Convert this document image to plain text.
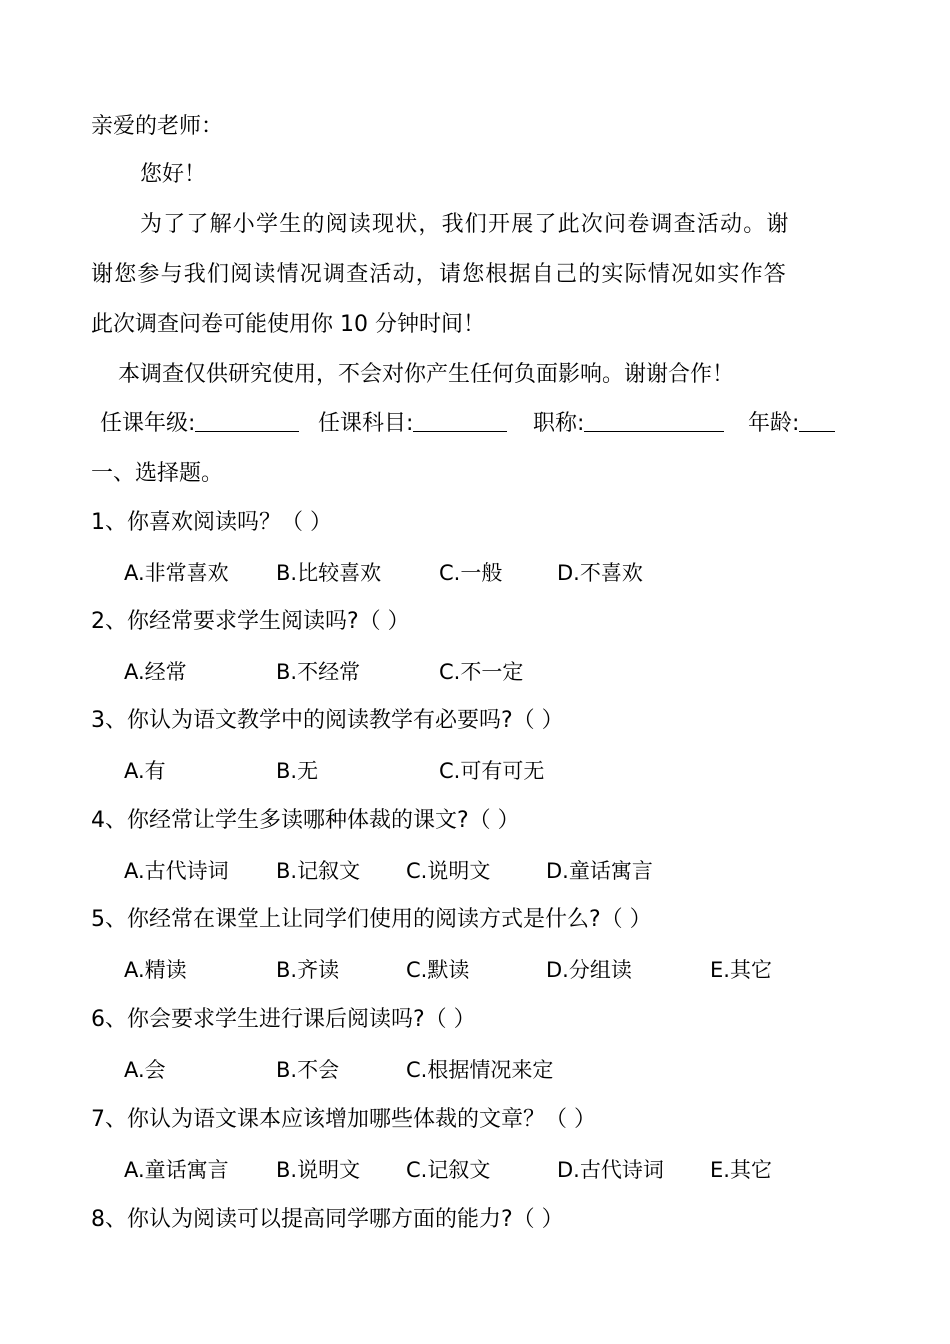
亲爱的老师：
您好！
为了了解小学生的阅读现状，我们开展了此次问卷调查活动。谢
谢您参与我们阅读情况调查活动，请您根据自己的实际情况如实作答
此次调查问卷可能使用你 10 分钟时间！
本调查仅供研究使用，不会对你产生任何负面影响。谢谢合作！
任课年级:	任课科目:	职称:	年龄:
一、选择题。
1、你喜欢阅读吗？（ ）
A.非常喜欢 B.比较喜欢	C.一般	D.不喜欢
2、你经常要求学生阅读吗?（ ）
A.经常	B.不经常	C.不一定
3、你认为语文教学中的阅读教学有必要吗?（ ）
A.有	B.无	C.可有可无
4、你经常让学生多读哪种体裁的课文?（ ）
A.古代诗词 B.记叙文 C.说明文	D.童话寓言
5、你经常在课堂上让同学们使用的阅读方式是什么?（ ）
A.精读	B.齐读	C.默读	D.分组读	E.其它
6、你会要求学生进行课后阅读吗?（ ）
A.会	B.不会	C.根据情况来定
7、你认为语文课本应该增加哪些体裁的文章？（ ）
A.童话寓言 B.说明文 C.记叙文	D.古代诗词 E.其它
8、你认为阅读可以提高同学哪方面的能力?（ ）
